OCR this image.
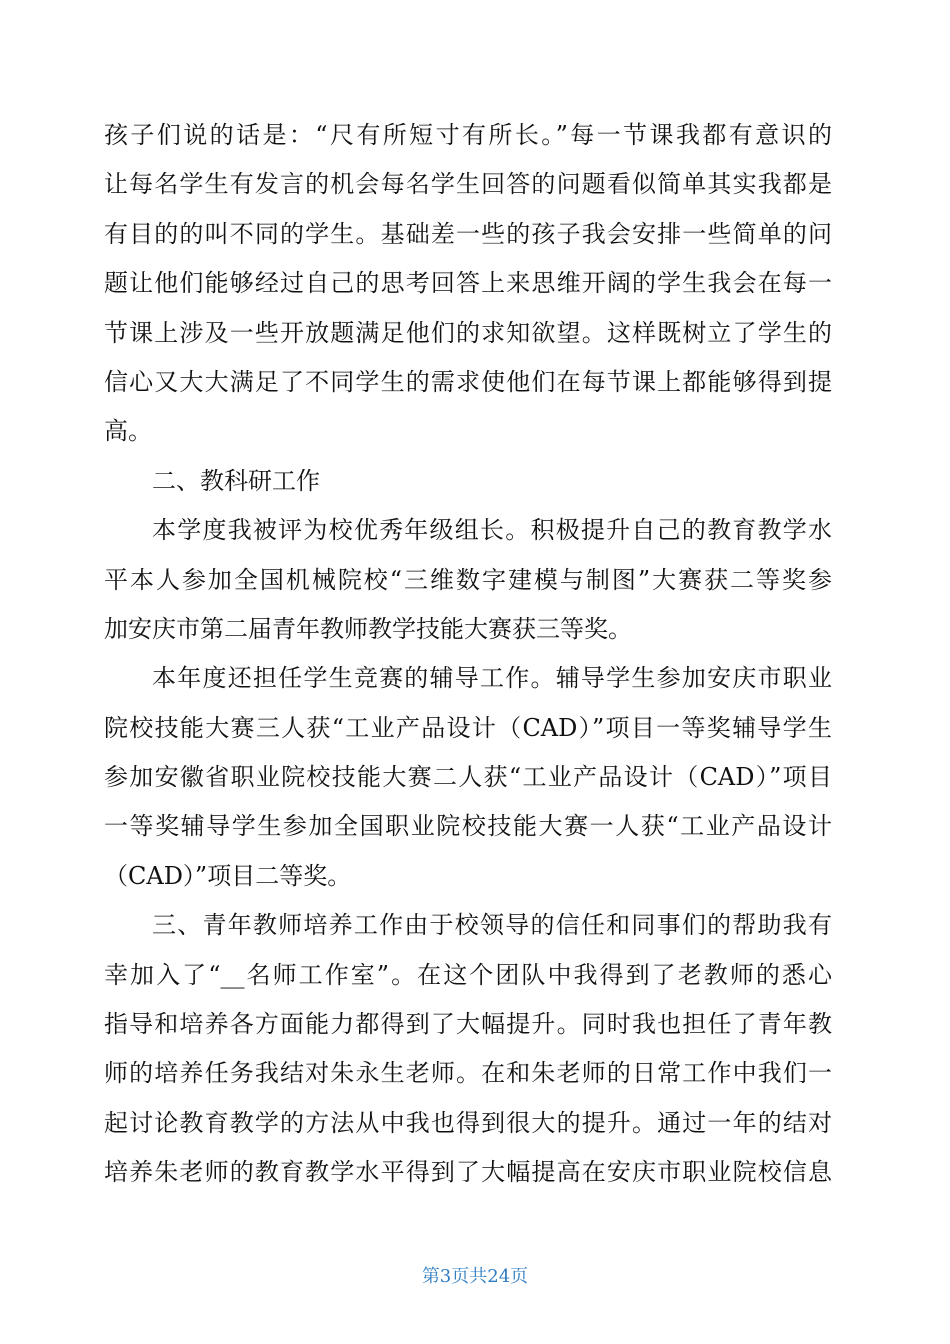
孩子们说的话是：“尺有所短寸有所长。”每一节课我都有意识的
让每名学生有发言的机会每名学生回答的问题看似简单其实我都是
有目的的叫不同的学生。基础差一些的孩子我会安排一些简单的问
题让他们能够经过自己的思考回答上来思维开阔的学生我会在每一
节课上涉及一些开放题满足他们的求知欲望。这样既树立了学生的
信心又大大满足了不同学生的需求使他们在每节课上都能够得到提
高。
二、教科研工作
本学度我被评为校优秀年级组长。积极提升自己的教育教学水
平本人参加全国机械院校“三维数字建模与制图”大赛获二等奖参
加安庆市第二届青年教师教学技能大赛获三等奖。
本年度还担任学生竞赛的辅导工作。辅导学生参加安庆市职业
院校技能大赛三人获“工业产品设计（CAD）”项目一等奖辅导学生
参加安徽省职业院校技能大赛二人获“工业产品设计（CAD）”项目
一等奖辅导学生参加全国职业院校技能大赛一人获“工业产品设计
（CAD）”项目二等奖。
三、青年教师培养工作由于校领导的信任和同事们的帮助我有
幸加入了“__名师工作室”。在这个团队中我得到了老教师的悉心
指导和培养各方面能力都得到了大幅提升。同时我也担任了青年教
师的培养任务我结对朱永生老师。在和朱老师的日常工作中我们一
起讨论教育教学的方法从中我也得到很大的提升。通过一年的结对
培养朱老师的教育教学水平得到了大幅提高在安庆市职业院校信息
第3页共24页
